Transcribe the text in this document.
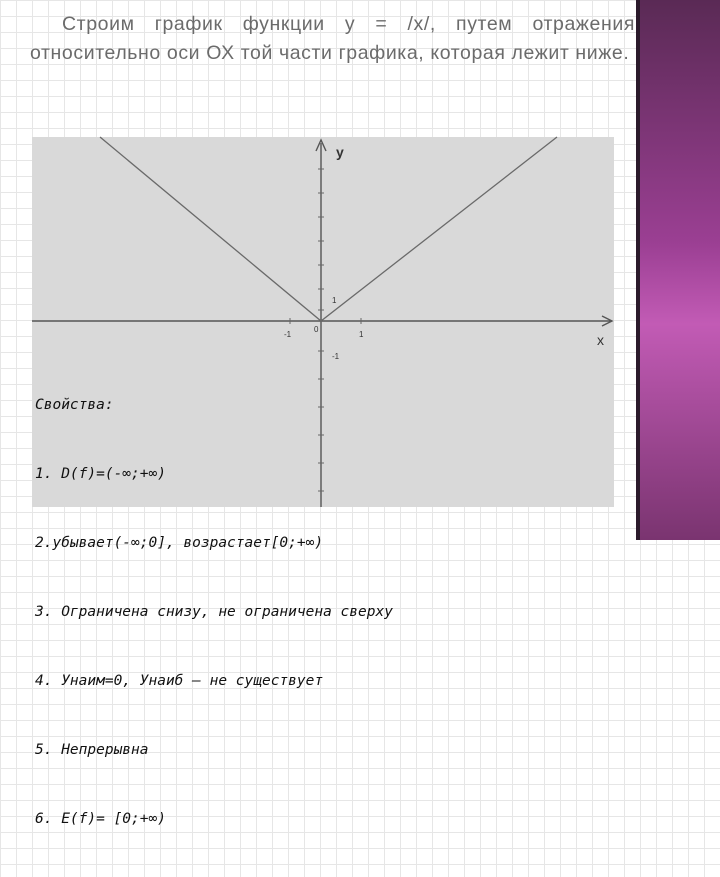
Строим график функции y = /x/, путем отражения относительно оси ОХ той части графика, которая лежит ниже.
y
x
-1
0
1
1
-1

Свойства:

1. D(f)=(-∞;+∞)

2.убывает(-∞;0], возрастает[0;+∞)

3. Ограничена снизу, не ограничена сверху

4. Унаим=0, Унаиб – не существует

5. Непрерывна

6. E(f)= [0;+∞)
